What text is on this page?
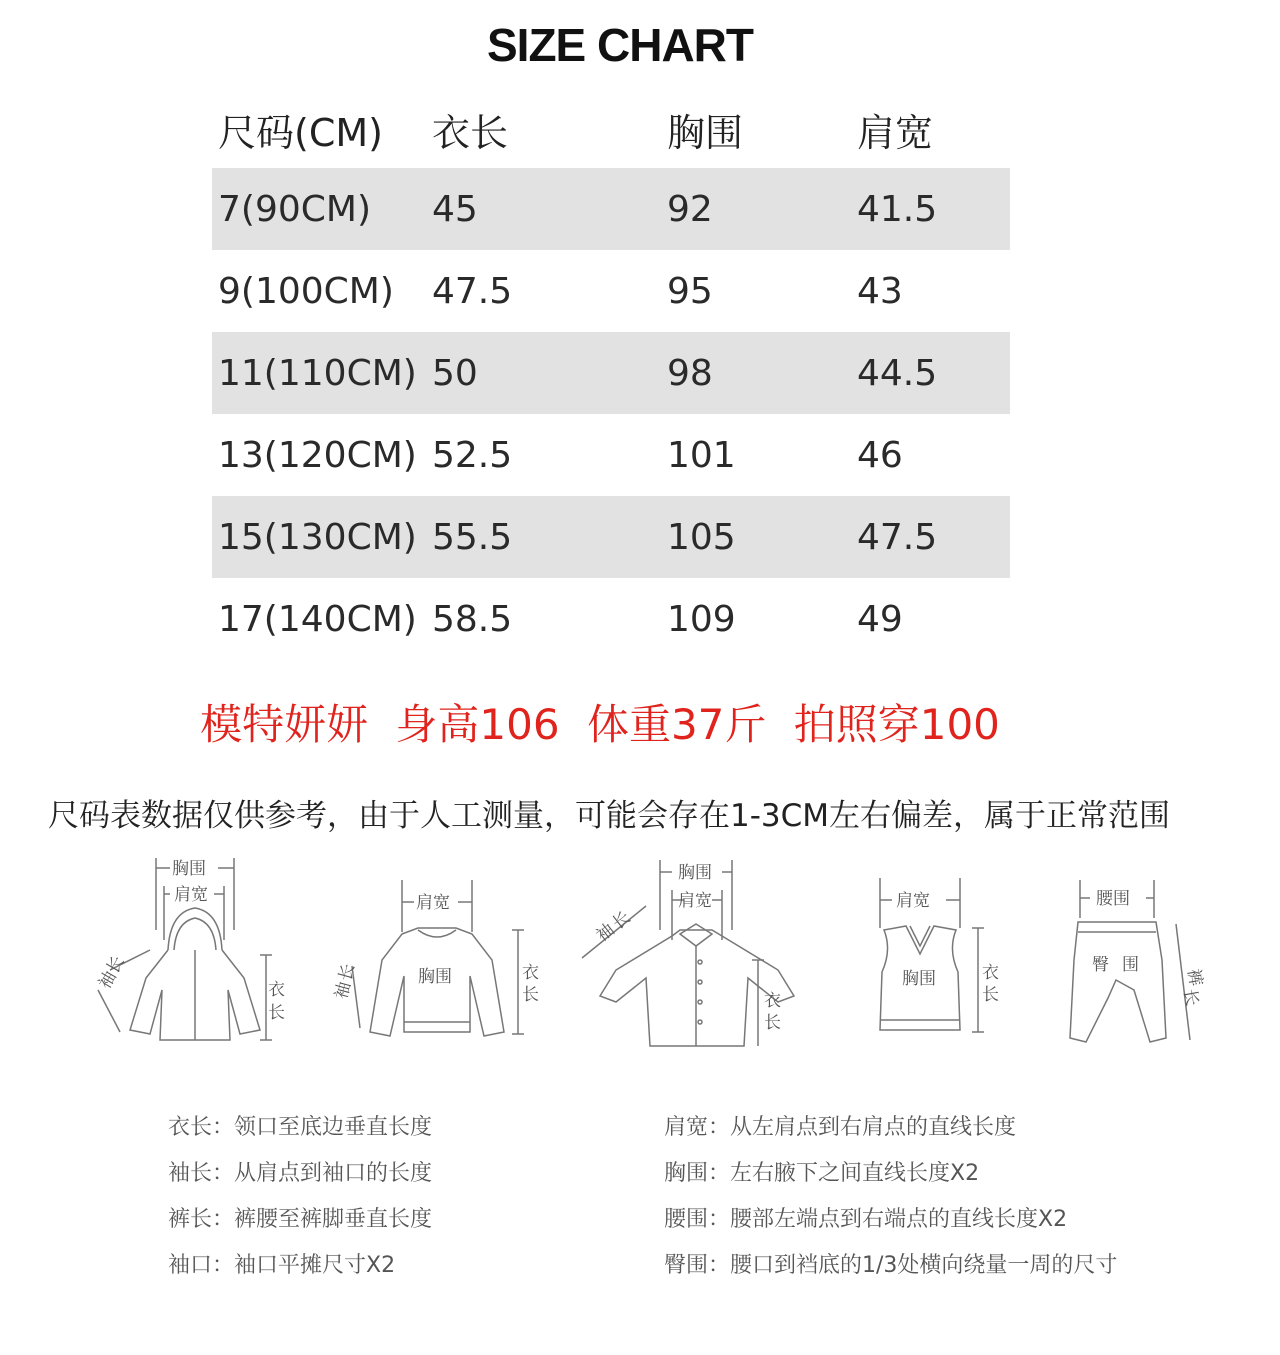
SIZE CHART
尺码(CM) 衣长	胸围	肩宽
7(90CM) 45	92	41.5
9(100CM) 47.5	95	43
11(110CM) 50	98	44.5
13(120CM) 52.5	101	46
15(130CM) 55.5	105	47.5
17(140CM) 58.5	109	49
模特妍妍 身高106 体重37斤 拍照穿100
尺码表数据仅供参考，由于人工测量，可能会存在1-3CM左右偏差，属于正常范围
胸围
肩宽
袖
长
衣
长
肩宽
胸围
袖
长	衣
长
胸围
肩宽
袖
长
衣
长
肩宽
胸围	衣
长
腰围
臀 围
裤
长
衣长：领口至底边垂直长度
袖长：从肩点到袖口的长度
裤长：裤腰至裤脚垂直长度
袖口：袖口平摊尺寸X2
肩宽：从左肩点到右肩点的直线长度
胸围：左右腋下之间直线长度X2
腰围：腰部左端点到右端点的直线长度X2
臀围：腰口到裆底的1/3处横向绕量一周的尺寸
